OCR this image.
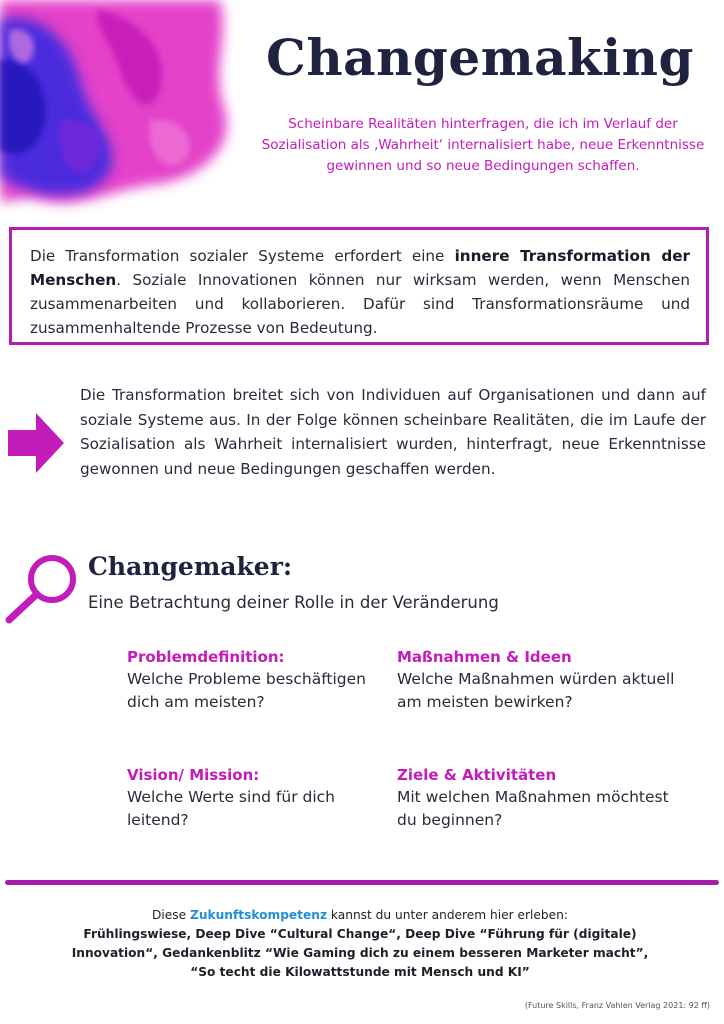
Changemaking
Scheinbare Realitäten hinterfragen, die ich im Verlauf der Sozialisation als ‚Wahrheit‘ internalisiert habe, neue Erkenntnisse gewinnen und so neue Bedingungen schaffen.
Die Transformation sozialer Systeme erfordert eine innere Transformation der Menschen. Soziale Innovationen können nur wirksam werden, wenn Menschen zusammenarbeiten und kollaborieren. Dafür sind Transformationsräume und zusammenhaltende Prozesse von Bedeutung.
Die Transformation breitet sich von Individuen auf Organisationen und dann auf soziale Systeme aus. In der Folge können scheinbare Realitäten, die im Laufe der Sozialisation als Wahrheit internalisiert wurden, hinterfragt, neue Erkenntnisse gewonnen und neue Bedingungen geschaffen werden.
Changemaker:
Eine Betrachtung deiner Rolle in der Veränderung
Problemdefinition:
Welche Probleme beschäftigen dich am meisten?
Maßnahmen & Ideen
Welche Maßnahmen würden aktuell am meisten bewirken?
Vision/ Mission:
Welche Werte sind für dich leitend?
Ziele & Aktivitäten
Mit welchen Maßnahmen möchtest du beginnen?
Diese Zukunftskompetenz kannst du unter anderem hier erleben:
Frühlingswiese, Deep Dive “Cultural Change“, Deep Dive “Führung für (digitale) Innovation“, Gedankenblitz “Wie Gaming dich zu einem besseren Marketer macht”, “So techt die Kilowattstunde mit Mensch und KI”
(Future Skills, Franz Vahlen Verlag 2021: 92 ff)
